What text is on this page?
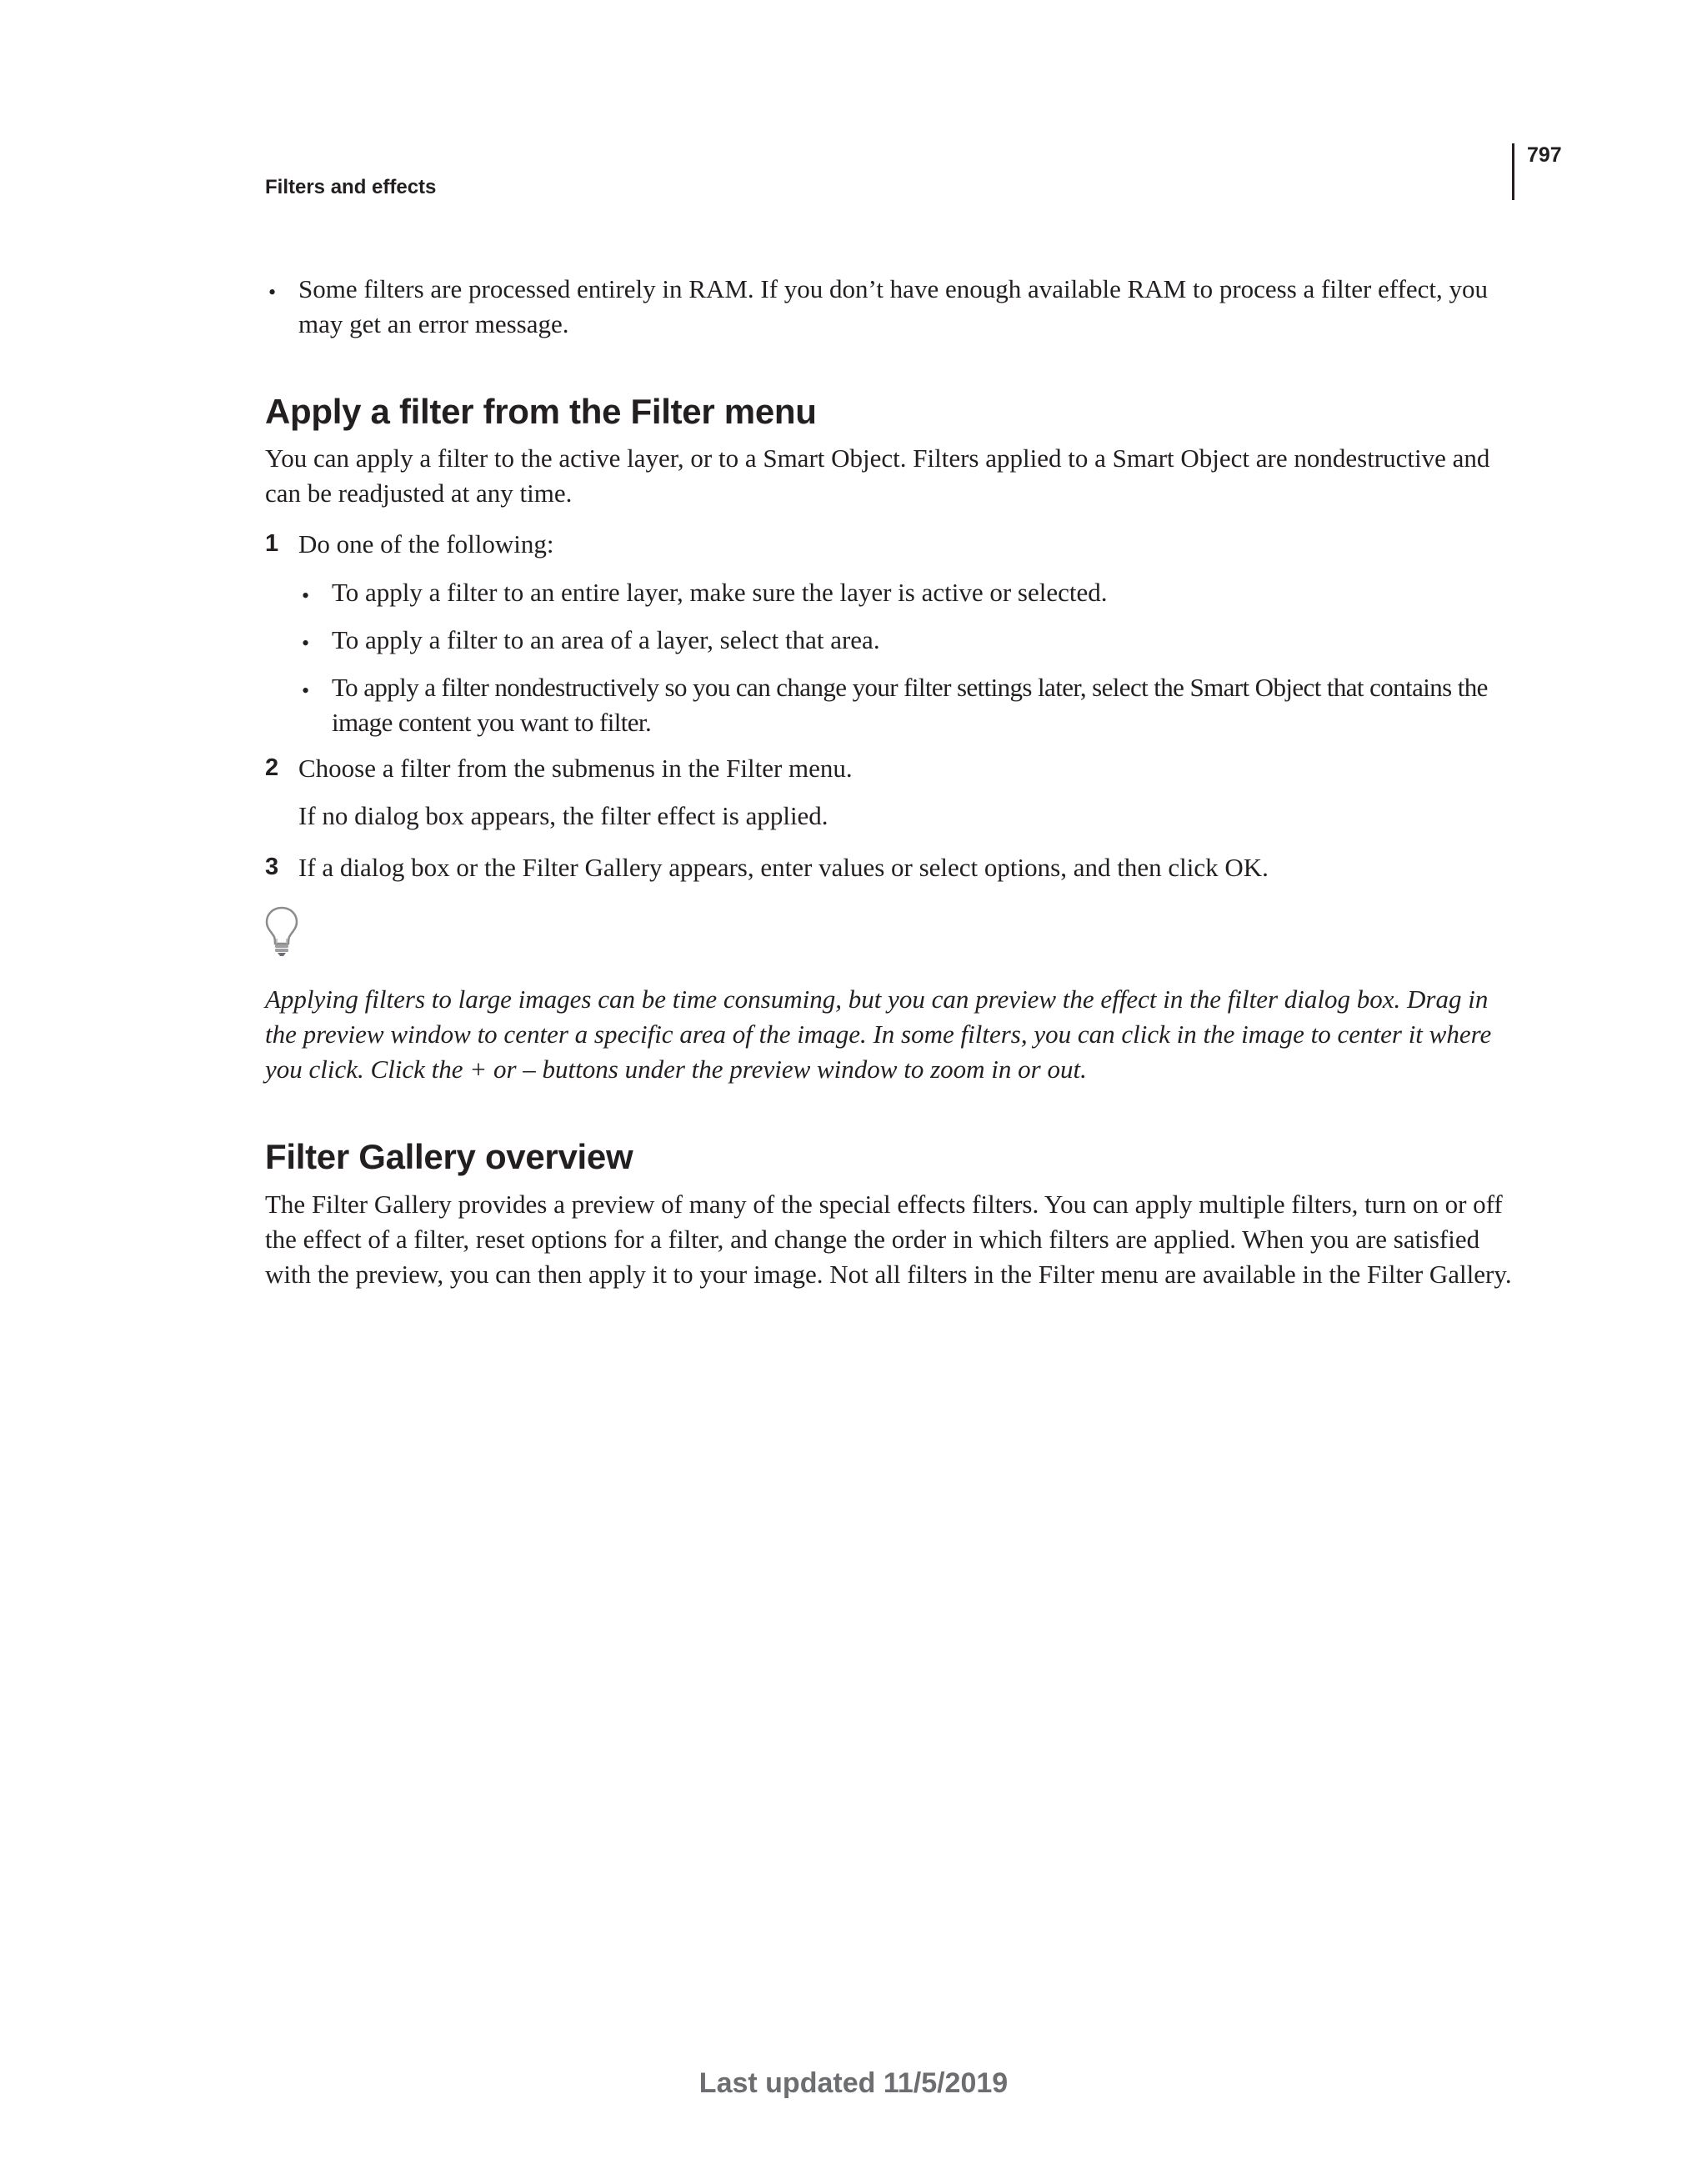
797
Filters and effects
• Some filters are processed entirely in RAM. If you don’t have enough available RAM to process a filter effect, you may get an error message.
Apply a filter from the Filter menu
You can apply a filter to the active layer, or to a Smart Object. Filters applied to a Smart Object are nondestructive and can be readjusted at any time.
1 Do one of the following:
• To apply a filter to an entire layer, make sure the layer is active or selected.
• To apply a filter to an area of a layer, select that area.
• To apply a filter nondestructively so you can change your filter settings later, select the Smart Object that contains the image content you want to filter.
2 Choose a filter from the submenus in the Filter menu.
If no dialog box appears, the filter effect is applied.
3 If a dialog box or the Filter Gallery appears, enter values or select options, and then click OK.
Applying filters to large images can be time consuming, but you can preview the effect in the filter dialog box. Drag in the preview window to center a specific area of the image. In some filters, you can click in the image to center it where you click. Click the + or – buttons under the preview window to zoom in or out.
Filter Gallery overview
The Filter Gallery provides a preview of many of the special effects filters. You can apply multiple filters, turn on or off the effect of a filter, reset options for a filter, and change the order in which filters are applied. When you are satisfied with the preview, you can then apply it to your image. Not all filters in the Filter menu are available in the Filter Gallery.
Last updated 11/5/2019
